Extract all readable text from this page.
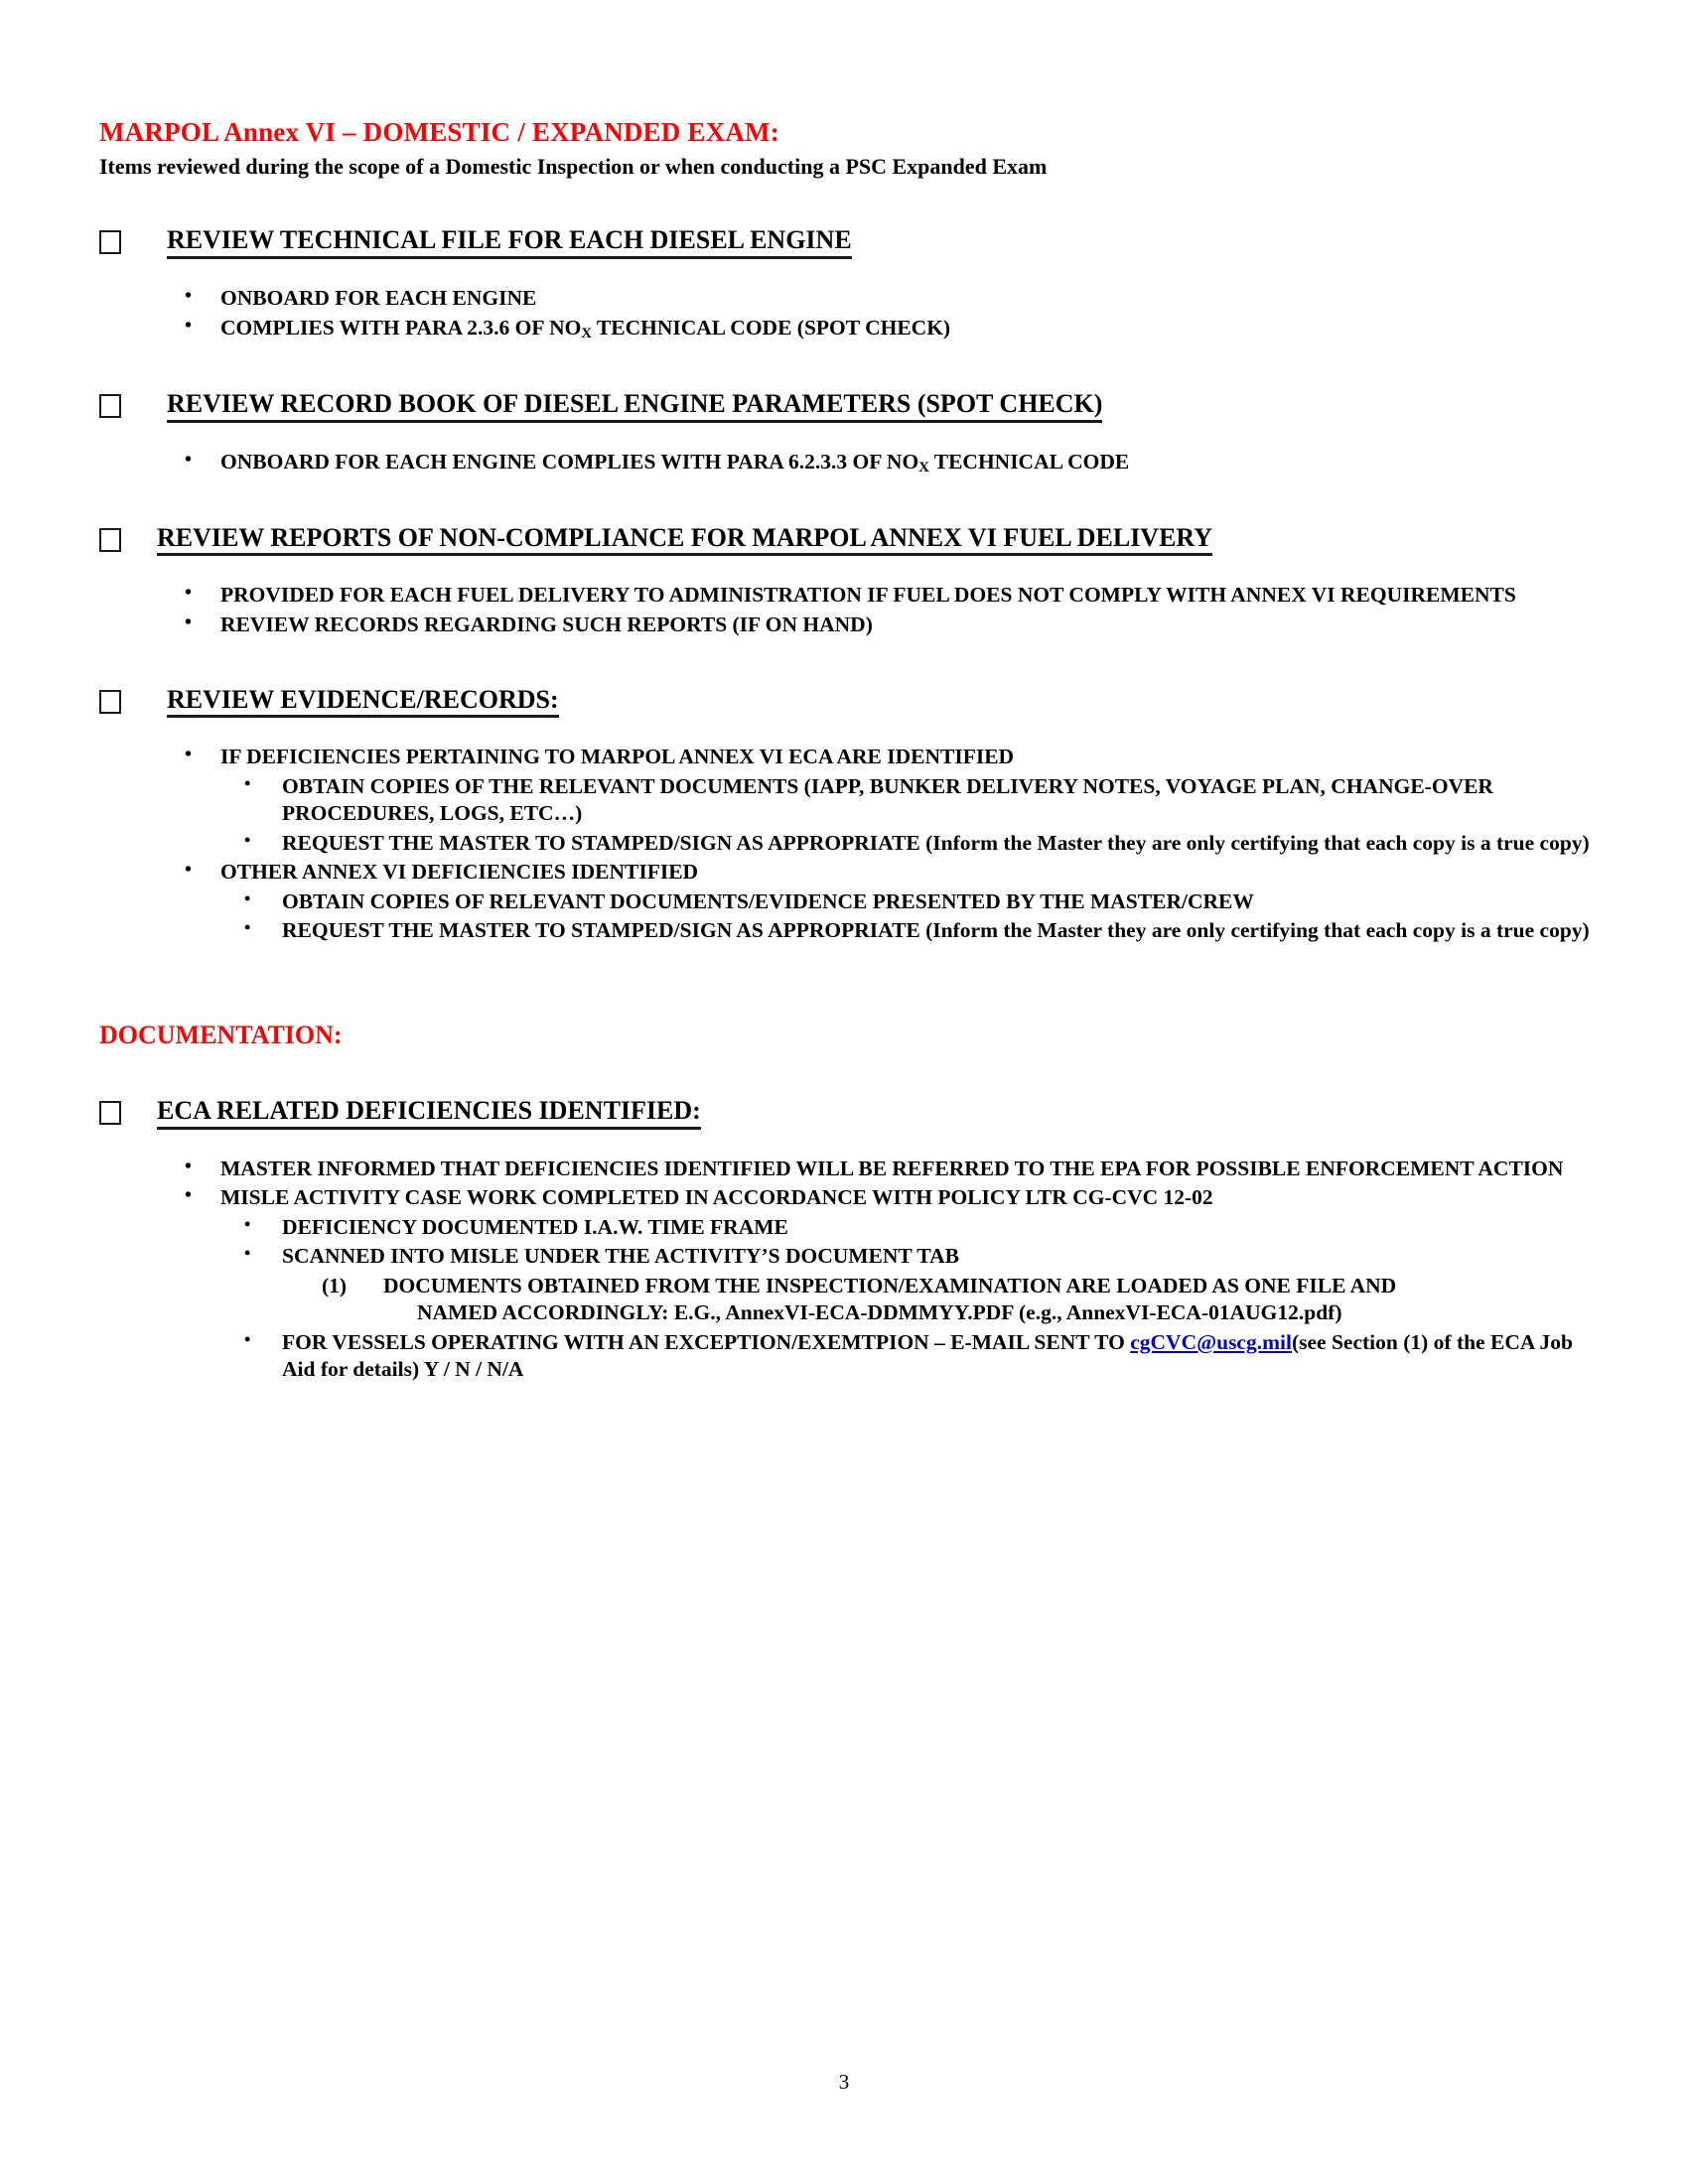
MARPOL Annex VI – DOMESTIC / EXPANDED EXAM:
Items reviewed during the scope of a Domestic Inspection or when conducting a PSC Expanded Exam
REVIEW TECHNICAL FILE FOR EACH DIESEL ENGINE
• ONBOARD FOR EACH ENGINE
• COMPLIES WITH PARA 2.3.6 OF $NO_X$ TECHNICAL CODE (SPOT CHECK)
REVIEW RECORD BOOK OF DIESEL ENGINE PARAMETERS (SPOT CHECK)
• ONBOARD FOR EACH ENGINE COMPLIES WITH PARA 6.2.3.3 OF $NO_X$ TECHNICAL CODE
REVIEW REPORTS OF NON-COMPLIANCE FOR MARPOL ANNEX VI FUEL DELIVERY
• PROVIDED FOR EACH FUEL DELIVERY TO ADMINISTRATION IF FUEL DOES NOT COMPLY WITH ANNEX VI REQUIREMENTS
• REVIEW RECORDS REGARDING SUCH REPORTS (IF ON HAND)
REVIEW EVIDENCE/RECORDS:
• IF DEFICIENCIES PERTAINING TO MARPOL ANNEX VI ECA ARE IDENTIFIED
• OBTAIN COPIES OF THE RELEVANT DOCUMENTS (IAPP, BUNKER DELIVERY NOTES, VOYAGE PLAN, CHANGE-OVER PROCEDURES, LOGS, ETC…)
• REQUEST THE MASTER TO STAMPED/SIGN AS APPROPRIATE (Inform the Master they are only certifying that each copy is a true copy)
• OTHER ANNEX VI DEFICIENCIES IDENTIFIED
• OBTAIN COPIES OF RELEVANT DOCUMENTS/EVIDENCE PRESENTED BY THE MASTER/CREW
• REQUEST THE MASTER TO STAMPED/SIGN AS APPROPRIATE (Inform the Master they are only certifying that each copy is a true copy)
DOCUMENTATION:
ECA RELATED DEFICIENCIES IDENTIFIED:
• MASTER INFORMED THAT DEFICIENCIES IDENTIFIED WILL BE REFERRED TO THE EPA FOR POSSIBLE ENFORCEMENT ACTION
• MISLE ACTIVITY CASE WORK COMPLETED IN ACCORDANCE WITH POLICY LTR CG-CVC 12-02
• DEFICIENCY DOCUMENTED I.A.W. TIME FRAME
• SCANNED INTO MISLE UNDER THE ACTIVITY’S DOCUMENT TAB
(1) DOCUMENTS OBTAINED FROM THE INSPECTION/EXAMINATION ARE LOADED AS ONE FILE AND
NAMED ACCORDINGLY: E.G., AnnexVI-ECA-DDMMYY.PDF (e.g., AnnexVI-ECA-01AUG12.pdf)
• FOR VESSELS OPERATING WITH AN EXCEPTION/EXEMTPION – E-MAIL SENT TO cgCVC@uscg.mil(see Section (1) of the ECA Job Aid for details) Y / N / N/A
3
